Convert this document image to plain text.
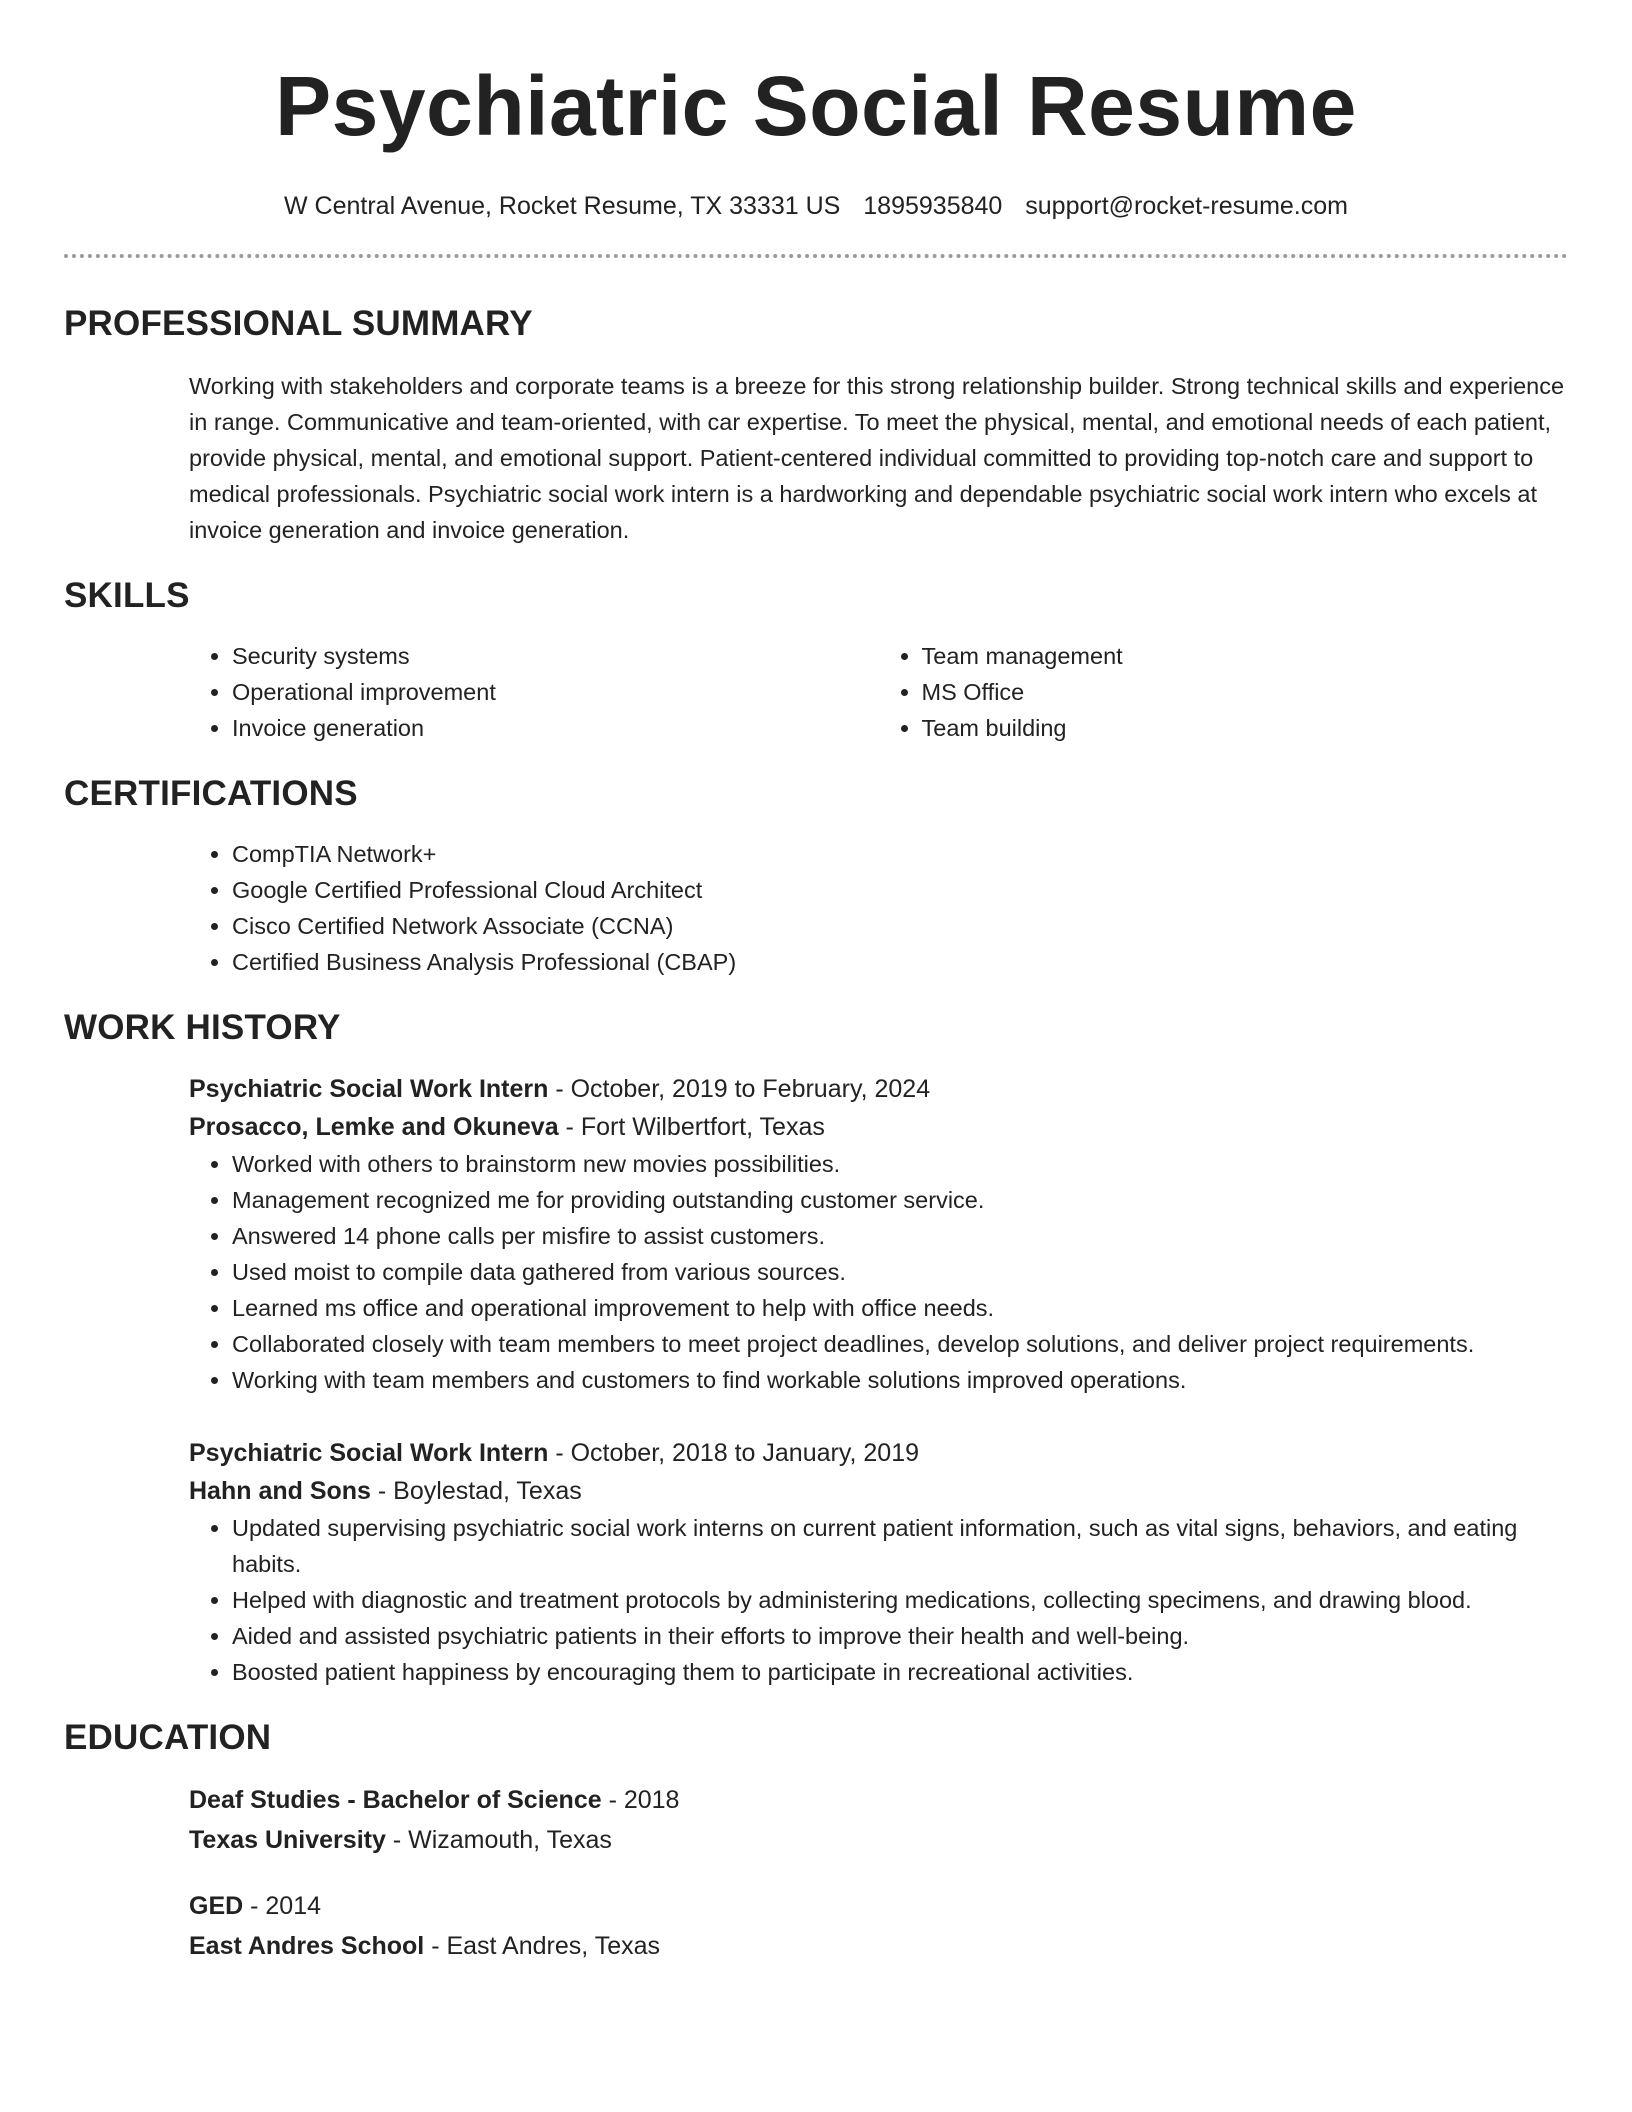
Psychiatric Social Resume
W Central Avenue, Rocket Resume, TX 33331 US 1895935840 support@rocket-resume.com
PROFESSIONAL SUMMARY

Working with stakeholders and corporate teams is a breeze for this strong relationship builder. Strong technical skills and experience in range. Communicative and team-oriented, with car expertise. To meet the physical, mental, and emotional needs of each patient, provide physical, mental, and emotional support. Patient-centered individual committed to providing top-notch care and support to medical professionals. Psychiatric social work intern is a hardworking and dependable psychiatric social work intern who excels at invoice generation and invoice generation.

SKILLS
• Security systems
• Operational improvement
• Invoice generation
• Team management
• MS Office
• Team building
CERTIFICATIONS
• CompTIA Network+
• Google Certified Professional Cloud Architect
• Cisco Certified Network Associate (CCNA)
• Certified Business Analysis Professional (CBAP)
WORK HISTORY
Psychiatric Social Work Intern - October, 2019 to February, 2024
Prosacco, Lemke and Okuneva - Fort Wilbertfort, Texas
• Worked with others to brainstorm new movies possibilities.
• Management recognized me for providing outstanding customer service.
• Answered 14 phone calls per misfire to assist customers.
• Used moist to compile data gathered from various sources.
• Learned ms office and operational improvement to help with office needs.
• Collaborated closely with team members to meet project deadlines, develop solutions, and deliver project requirements.
• Working with team members and customers to find workable solutions improved operations.
Psychiatric Social Work Intern - October, 2018 to January, 2019
Hahn and Sons - Boylestad, Texas
• Updated supervising psychiatric social work interns on current patient information, such as vital signs, behaviors, and eating habits.
• Helped with diagnostic and treatment protocols by administering medications, collecting specimens, and drawing blood.
• Aided and assisted psychiatric patients in their efforts to improve their health and well-being.
• Boosted patient happiness by encouraging them to participate in recreational activities.
EDUCATION
Deaf Studies - Bachelor of Science - 2018
Texas University - Wizamouth, Texas
GED - 2014
East Andres School - East Andres, Texas
